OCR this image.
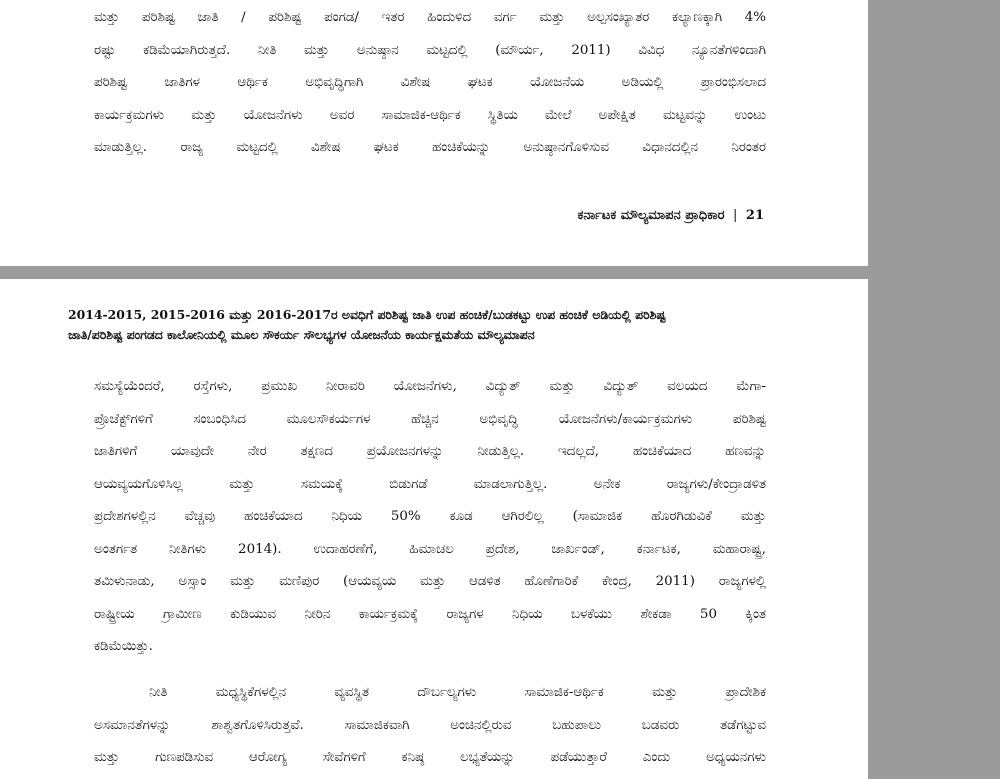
ಮತ್ತು ಪರಿಶಿಷ್ಟ ಜಾತಿ / ಪರಿಶಿಷ್ಟ ಪಂಗಡ/ ಇತರ ಹಿಂದುಳಿದ ವರ್ಗ ಮತ್ತು ಅಲ್ಪಸಂಖ್ಯಾತರ ಕಲ್ಯಾಣಕ್ಕಾಗಿ 4%
ರಷ್ಟು ಕಡಿಮೆಯಾಗಿರುತ್ತದೆ. ನೀತಿ ಮತ್ತು ಅನುಷ್ಠಾನ ಮಟ್ಟದಲ್ಲಿ (ಮೌರ್ಯ, 2011) ವಿವಿಧ ನ್ಯೂನತೆಗಳಿಂದಾಗಿ
ಪರಿಶಿಷ್ಟ ಜಾತಿಗಳ ಆರ್ಥಿಕ ಅಭಿವೃದ್ಧಿಗಾಗಿ ವಿಶೇಷ ಘಟಕ ಯೋಜನೆಯ ಅಡಿಯಲ್ಲಿ ಪ್ರಾರಂಭಿಸಲಾದ
ಕಾರ್ಯಕ್ರಮಗಳು ಮತ್ತು ಯೋಜನೆಗಳು ಅವರ ಸಾಮಾಜಿಕ-ಆರ್ಥಿಕ ಸ್ಥಿತಿಯ ಮೇಲೆ ಅಪೇಕ್ಷಿತ ಮಟ್ಟವನ್ನು ಉಂಟು
ಮಾಡುತ್ತಿಲ್ಲ. ರಾಜ್ಯ ಮಟ್ಟದಲ್ಲಿ ವಿಶೇಷ ಘಟಕ ಹಂಚಿಕೆಯನ್ನು ಅನುಷ್ಠಾನಗೊಳಿಸುವ ವಿಧಾನದಲ್ಲಿನ ನಿರಂತರ

ಕರ್ನಾಟಕ ಮೌಲ್ಯಮಾಪನ ಪ್ರಾಧಿಕಾರ | 21

2014-2015, 2015-2016 ಮತ್ತು 2016-2017ರ ಅವಧಿಗೆ ಪರಿಶಿಷ್ಟ ಜಾತಿ ಉಪ ಹಂಚಿಕೆ/ಬುಡಕಟ್ಟು ಉಪ ಹಂಚಿಕೆ ಅಡಿಯಲ್ಲಿ ಪರಿಶಿಷ್ಟ
ಜಾತಿ/ಪರಿಶಿಷ್ಟ ಪಂಗಡದ ಕಾಲೋನಿಯಲ್ಲಿ ಮೂಲ ಸೌಕರ್ಯ ಸೌಲಭ್ಯಗಳ ಯೋಜನೆಯ ಕಾರ್ಯಕ್ಷಮತೆಯ ಮೌಲ್ಯಮಾಪನ

ಸಮಸ್ಯೆಯೆಂದರೆ, ರಸ್ತೆಗಳು, ಪ್ರಮುಖ ನೀರಾವರಿ ಯೋಜನೆಗಳು, ವಿದ್ಯುತ್ ಮತ್ತು ವಿದ್ಯುತ್ ವಲಯದ ಮೆಗಾ-
ಪ್ರೊಜೆಕ್ಟ್‌ಗಳಿಗೆ ಸಂಬಂಧಿಸಿದ ಮೂಲಸೌಕರ್ಯಗಳ ಹೆಚ್ಚಿನ ಅಭಿವೃದ್ಧಿ ಯೋಜನೆಗಳು/ಕಾರ್ಯಕ್ರಮಗಳು ಪರಿಶಿಷ್ಟ
ಜಾತಿಗಳಿಗೆ ಯಾವುದೇ ನೇರ ತಕ್ಷಣದ ಪ್ರಯೋಜನಗಳನ್ನು ನೀಡುತ್ತಿಲ್ಲ. ಇದಲ್ಲದೆ, ಹಂಚಿಕೆಯಾದ ಹಣವನ್ನು
ಆಯವ್ಯಯಗೊಳಿಸಿಲ್ಲ ಮತ್ತು ಸಮಯಕ್ಕೆ ಬಿಡುಗಡೆ ಮಾಡಲಾಗುತ್ತಿಲ್ಲ. ಅನೇಕ ರಾಜ್ಯಗಳು/ಕೇಂದ್ರಾಡಳಿತ
ಪ್ರದೇಶಗಳಲ್ಲಿನ ವೆಚ್ಚವು ಹಂಚಿಕೆಯಾದ ನಿಧಿಯ 50% ಕೂಡ ಆಗಿರಲಿಲ್ಲ (ಸಾಮಾಜಿಕ ಹೊರಗಿಡುವಿಕೆ ಮತ್ತು
ಅಂತರ್ಗತ ನೀತಿಗಳು 2014). ಉದಾಹರಣೆಗೆ, ಹಿಮಾಚಲ ಪ್ರದೇಶ, ಜಾರ್ಖಂಡ್, ಕರ್ನಾಟಕ, ಮಹಾರಾಷ್ಟ್ರ,
ತಮಿಳುನಾಡು, ಅಸ್ಸಾಂ ಮತ್ತು ಮಣಿಪುರ (ಆಯವ್ಯಯ ಮತ್ತು ಆಡಳಿತ ಹೊಣೆಗಾರಿಕೆ ಕೇಂದ್ರ, 2011) ರಾಜ್ಯಗಳಲ್ಲಿ
ರಾಷ್ಟ್ರೀಯ ಗ್ರಾಮೀಣ ಕುಡಿಯುವ ನೀರಿನ ಕಾರ್ಯಕ್ರಮಕ್ಕೆ ರಾಜ್ಯಗಳ ನಿಧಿಯ ಬಳಕೆಯು ಶೇಕಡಾ 50 ಕ್ಕಿಂತ
ಕಡಿಮೆಯಿತ್ತು.

ನೀತಿ ಮಧ್ಯಸ್ಥಿಕೆಗಳಲ್ಲಿನ ವ್ಯವಸ್ಥಿತ ದೌರ್ಬಲ್ಯಗಳು ಸಾಮಾಜಿಕ-ಆರ್ಥಿಕ ಮತ್ತು ಪ್ರಾದೇಶಿಕ
ಅಸಮಾನತೆಗಳನ್ನು ಶಾಶ್ವತಗೊಳಿಸಿರುತ್ತವೆ. ಸಾಮಾಜಿಕವಾಗಿ ಅಂಚಿನಲ್ಲಿರುವ ಬಹುಪಾಲು ಬಡವರು ತಡೆಗಟ್ಟುವ
ಮತ್ತು ಗುಣಪಡಿಸುವ ಆರೋಗ್ಯ ಸೇವೆಗಳಿಗೆ ಕನಿಷ್ಠ ಲಭ್ಯತೆಯನ್ನು ಪಡೆಯುತ್ತಾರೆ ಎಂದು ಅಧ್ಯಯನಗಳು
